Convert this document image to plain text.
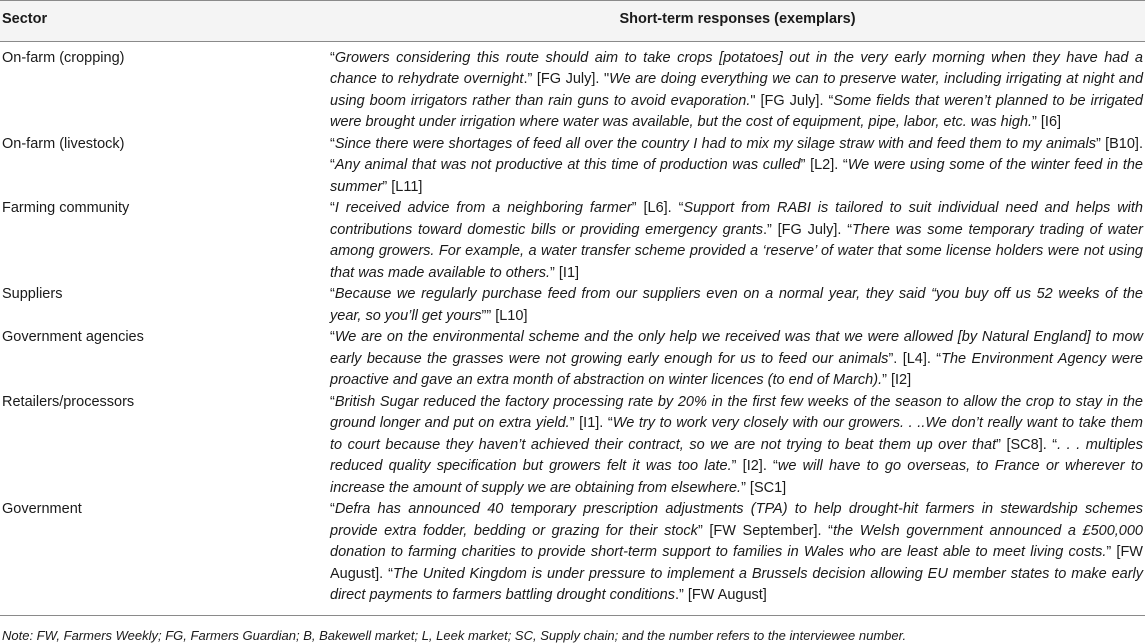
Sector	Short-term responses (exemplars)
On-farm (cropping)	“Growers considering this route should aim to take crops [potatoes] out in the very early morning when they have had a chance to rehydrate overnight.” [FG July]. "We are doing everything we can to preserve water, including irrigating at night and using boom irrigators rather than rain guns to avoid evaporation." [FG July]. “Some fields that weren’t planned to be irrigated were brought under irrigation where water was available, but the cost of equipment, pipe, labor, etc. was high.” [I6]
On-farm (livestock)	“Since there were shortages of feed all over the country I had to mix my silage straw with and feed them to my animals” [B10]. “Any animal that was not productive at this time of production was culled” [L2]. “We were using some of the winter feed in the summer” [L11]
Farming community	“I received advice from a neighboring farmer” [L6]. “Support from RABI is tailored to suit individual need and helps with contributions toward domestic bills or providing emergency grants.” [FG July]. “There was some temporary trading of water among growers. For example, a water transfer scheme provided a ‘reserve’ of water that some license holders were not using that was made available to others.” [I1]
Suppliers	“Because we regularly purchase feed from our suppliers even on a normal year, they said “you buy off us 52 weeks of the year, so you’ll get yours”” [L10]
Government agencies	“We are on the environmental scheme and the only help we received was that we were allowed [by Natural England] to mow early because the grasses were not growing early enough for us to feed our animals”. [L4]. “The Environment Agency were proactive and gave an extra month of abstraction on winter licences (to end of March).” [I2]
Retailers/processors	“British Sugar reduced the factory processing rate by 20% in the first few weeks of the season to allow the crop to stay in the ground longer and put on extra yield.” [I1]. “We try to work very closely with our growers. . ..We don’t really want to take them to court because they haven’t achieved their contract, so we are not trying to beat them up over that” [SC8]. “. . . multiples reduced quality specification but growers felt it was too late.” [I2]. “we will have to go overseas, to France or wherever to increase the amount of supply we are obtaining from elsewhere.” [SC1]
Government	“Defra has announced 40 temporary prescription adjustments (TPA) to help drought-hit farmers in stewardship schemes provide extra fodder, bedding or grazing for their stock” [FW September]. “the Welsh government announced a £500,000 donation to farming charities to provide short-term support to families in Wales who are least able to meet living costs.” [FW August]. “The United Kingdom is under pressure to implement a Brussels decision allowing EU member states to make early direct payments to farmers battling drought conditions.” [FW August]
Note: FW, Farmers Weekly; FG, Farmers Guardian; B, Bakewell market; L, Leek market; SC, Supply chain; and the number refers to the interviewee number.
